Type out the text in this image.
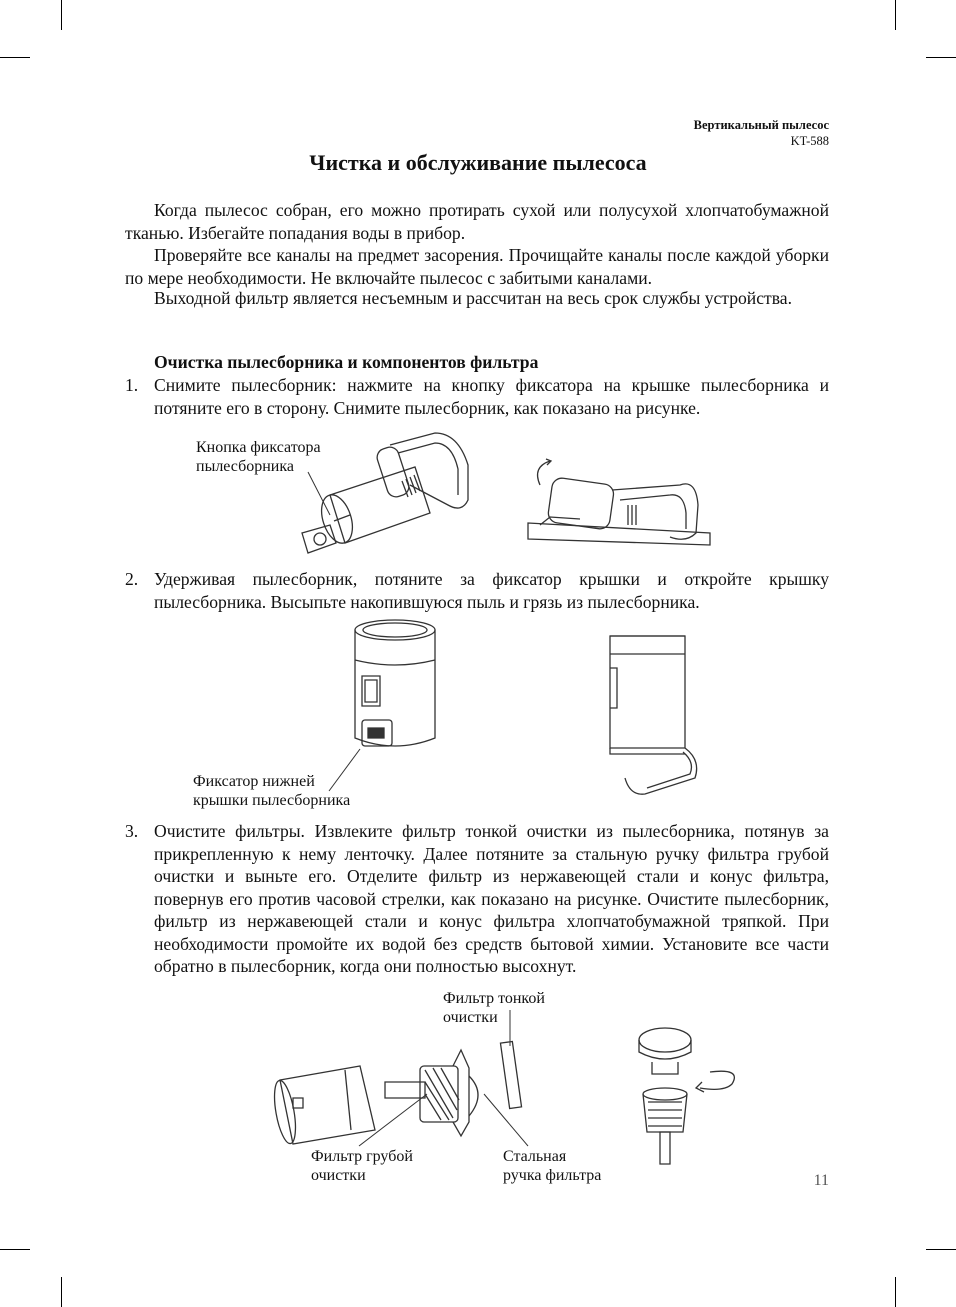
Вертикальный пылесос
KT-588
Чистка и обслуживание пылесоса

Когда пылесос собран, его можно протирать сухой или полусухой хлопчатобумажной тканью. Избегайте попадания воды в прибор.

Проверяйте все каналы на предмет засорения. Прочищайте каналы после каждой уборки по мере необходимости. Не включайте пылесос с забитыми каналами.

Выходной фильтр является несъемным и рассчитан на весь срок службы устройства.

Очистка пылесборника и компонентов фильтра
1. Снимите пылесборник: нажмите на кнопку фиксатора на крышке пылесборника и потяните его в сторону. Снимите пылесборник, как показано на рисунке.
Кнопка фиксатора
пылесборника
2. Удерживая пылесборник, потяните за фиксатор крышки и откройте крышку пылесборника. Высыпьте накопившуюся пыль и грязь из пылесборника.
Фиксатор нижней
крышки пылесборника
3. Очистите фильтры. Извлеките фильтр тонкой очистки из пылесборника, потянув за прикрепленную к нему ленточку. Далее потяните за стальную ручку фильтра грубой очистки и выньте его. Отделите фильтр из нержавеющей стали и конус фильтра, повернув его против часовой стрелки, как показано на рисунке. Очистите пылесборник, фильтр из нержавеющей стали и конус фильтра хлопчатобумажной тряпкой. При необходимости промойте их водой без средств бытовой химии. Установите все части обратно в пылесборник, когда они полностью высохнут.
Фильтр тонкой
очистки
Фильтр грубой
очистки
Стальная
ручка фильтра	11
